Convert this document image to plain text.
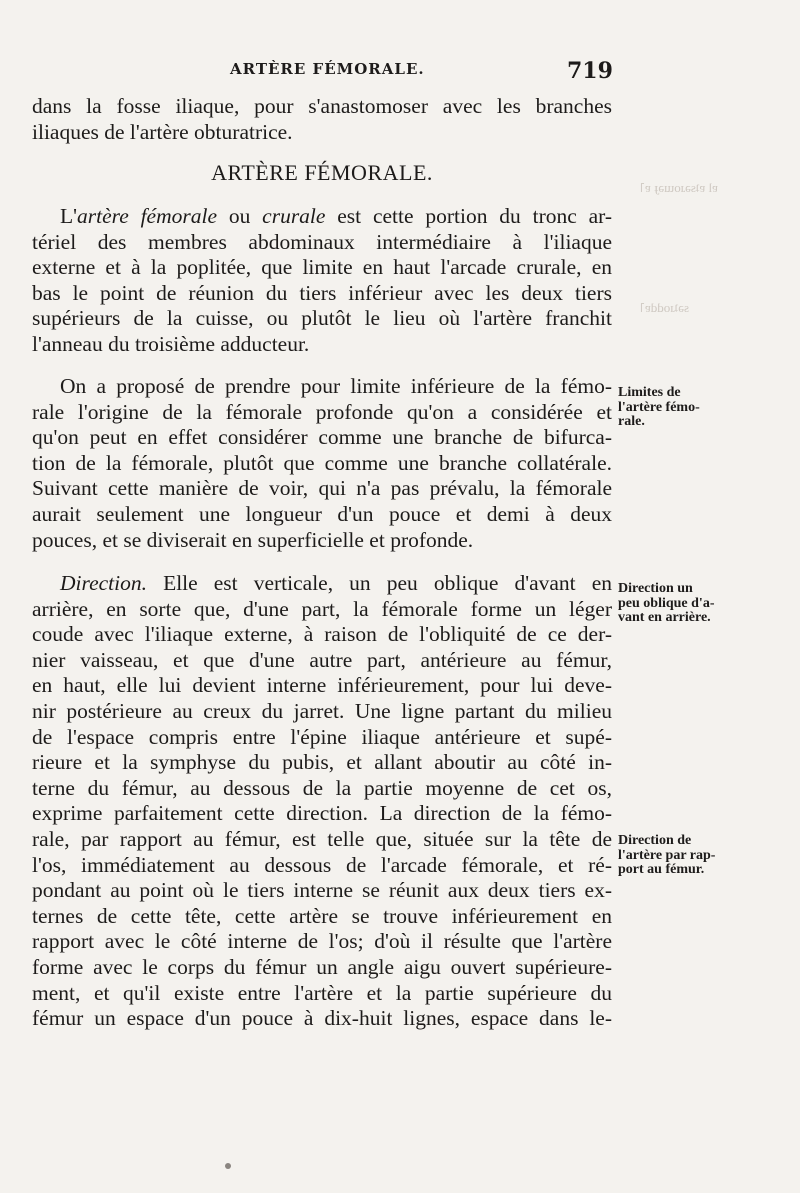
ARTÈRE FÉMORALE.	719
ɐl ɐʇsǝɹoɯǝɟ ɐ˥
sǝʇɹoddɐ˥
dans la fosse iliaque, pour s'anastomoser avec les branches
iliaques de l'artère obturatrice.
ARTÈRE FÉMORALE.
L'artère fémorale ou crurale est cette portion du tronc ar-
tériel des membres abdominaux intermédiaire à l'iliaque
externe et à la poplitée, que limite en haut l'arcade crurale, en
bas le point de réunion du tiers inférieur avec les deux tiers
supérieurs de la cuisse, ou plutôt le lieu où l'artère franchit
l'anneau du troisième adducteur.
On a proposé de prendre pour limite inférieure de la fémo-
rale l'origine de la fémorale profonde qu'on a considérée et
qu'on peut en effet considérer comme une branche de bifurca-
tion de la fémorale, plutôt que comme une branche collatérale.
Suivant cette manière de voir, qui n'a pas prévalu, la fémorale
aurait seulement une longueur d'un pouce et demi à deux
pouces, et se diviserait en superficielle et profonde.
Direction. Elle est verticale, un peu oblique d'avant en
arrière, en sorte que, d'une part, la fémorale forme un léger
coude avec l'iliaque externe, à raison de l'obliquité de ce der-
nier vaisseau, et que d'une autre part, antérieure au fémur,
en haut, elle lui devient interne inférieurement, pour lui deve-
nir postérieure au creux du jarret. Une ligne partant du milieu
de l'espace compris entre l'épine iliaque antérieure et supé-
rieure et la symphyse du pubis, et allant aboutir au côté in-
terne du fémur, au dessous de la partie moyenne de cet os,
exprime parfaitement cette direction. La direction de la fémo-
rale, par rapport au fémur, est telle que, située sur la tête de
l'os, immédiatement au dessous de l'arcade fémorale, et ré-
pondant au point où le tiers interne se réunit aux deux tiers ex-
ternes de cette tête, cette artère se trouve inférieurement en
rapport avec le côté interne de l'os; d'où il résulte que l'artère
forme avec le corps du fémur un angle aigu ouvert supérieure-
ment, et qu'il existe entre l'artère et la partie supérieure du
fémur un espace d'un pouce à dix-huit lignes, espace dans le-
Limites de
l'artère fémo-
rale.
Direction un
peu oblique d'a-
vant en arrière.
Direction de
l'artère par rap-
port au fémur.
